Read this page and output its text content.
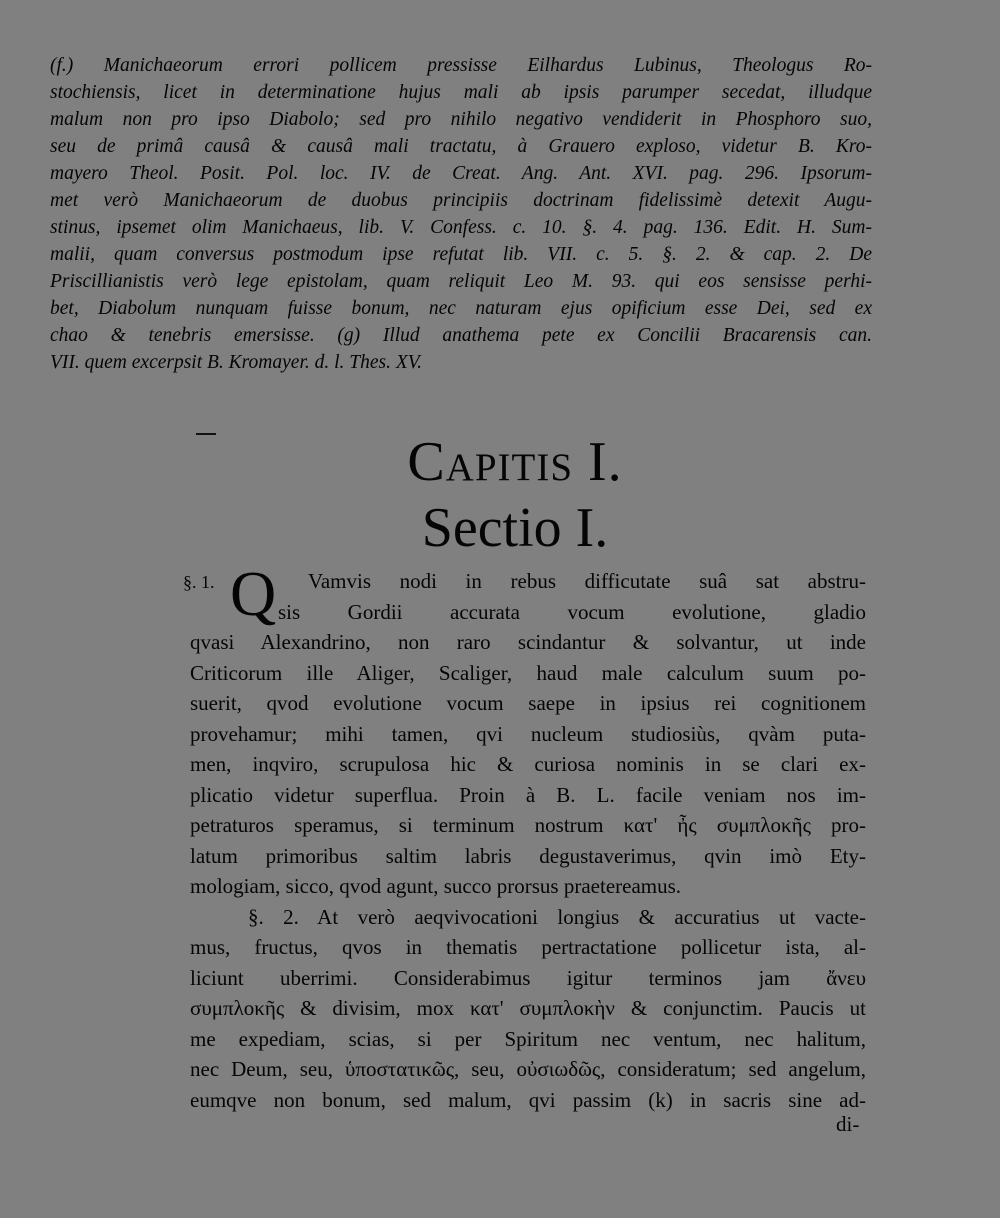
(f.) Manichaeorum errori pollicem pressisse Eilhardus Lubinus, Theologus Ro-
stochiensis, licet in determinatione hujus mali ab ipsis parumper secedat, illudque
malum non pro ipso Diabolo; sed pro nihilo negativo vendiderit in Phosphoro suo,
seu de primâ causâ & causâ mali tractatu, à Grauero exploso, videtur B. Kro-
mayero Theol. Posit. Pol. loc. IV. de Creat. Ang. Ant. XVI. pag. 296. Ipsorum-
met verò Manichaeorum de duobus principiis doctrinam fidelissimè detexit Augu-
stinus, ipsemet olim Manichaeus, lib. V. Confess. c. 10. §. 4. pag. 136. Edit. H. Sum-
malii, quam conversus postmodum ipse refutat lib. VII. c. 5. §. 2. & cap. 2. De
Priscillianistis verò lege epistolam, quam reliquit Leo M. 93. qui eos sensisse perhi-
bet, Diabolum nunquam fuisse bonum, nec naturam ejus opificium esse Dei, sed ex
chao & tenebris emersisse. (g) Illud anathema pete ex Concilii Bracarensis can.
VII. quem excerpsit B. Kromayer. d. l. Thes. XV.
Capitis I.
Sectio I.
§. 1. Q	Vamvis nodi in rebus difficutate suâ sat abstru-
sis Gordii accurata vocum evolutione, gladio
qvasi Alexandrino, non raro scindantur & solvantur, ut inde
Criticorum ille Aliger, Scaliger, haud male calculum suum po-
suerit, qvod evolutione vocum saepe in ipsius rei cognitionem
provehamur; mihi tamen, qvi nucleum studiosiùs, qvàm puta-
men, inqviro, scrupulosa hic & curiosa nominis in se clari ex-
plicatio videtur superflua. Proin à B. L. facile veniam nos im-
petraturos speramus, si terminum nostrum κατ' ἦς συμπλοκῆς pro-
latum primoribus saltim labris degustaverimus, qvin imò Ety-
mologiam, sicco, qvod agunt, succo prorsus praetereamus.
§. 2. At verò aeqvivocationi longius & accuratius ut vacte-
mus, fructus, qvos in thematis pertractatione pollicetur ista, al-
liciunt uberrimi. Considerabimus igitur terminos jam ἄνευ
συμπλοκῆς & divisim, mox κατ' συμπλοκὴν & conjunctim. Paucis ut
me expediam, scias, si per Spiritum nec ventum, nec halitum,
nec Deum, seu, ὑποστατικῶς, seu, οὐσιωδῶς, consideratum; sed angelum,
eumqve non bonum, sed malum, qvi passim (k) in sacris sine ad-
di-
